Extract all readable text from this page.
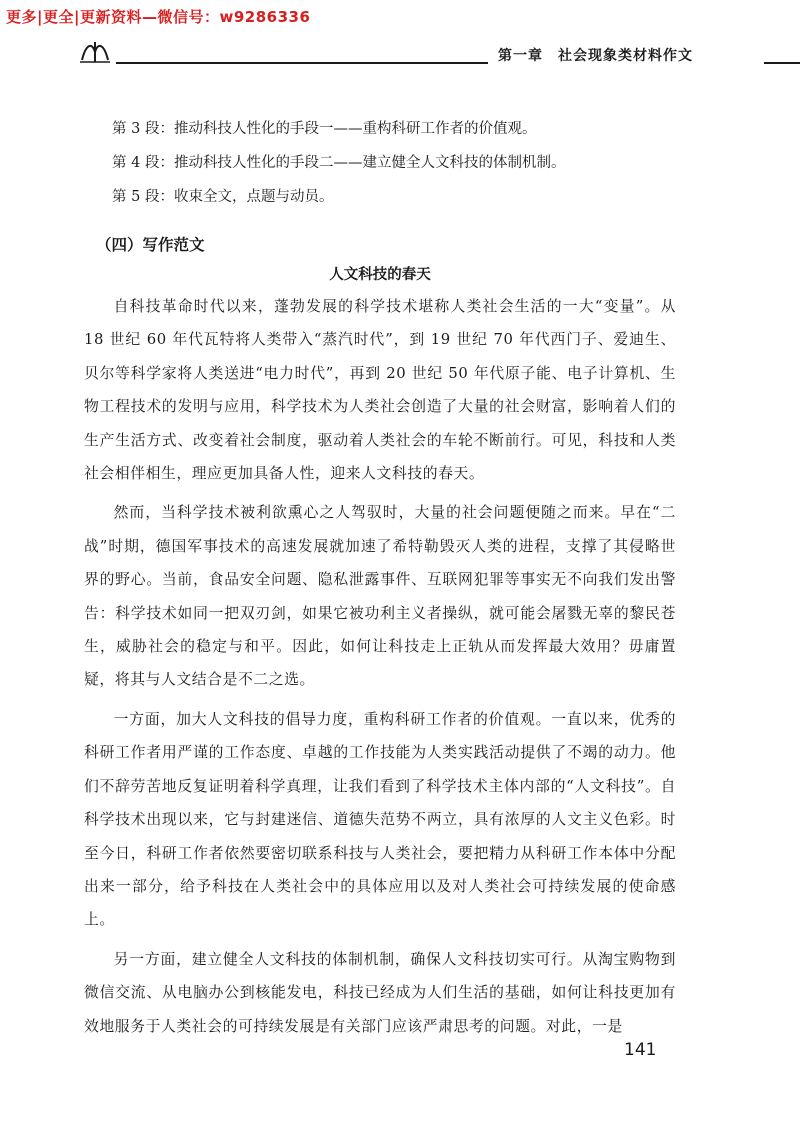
更多|更全|更新资料—微信号：w9286336
第一章　社会现象类材料作文

第 3 段：推动科技人性化的手段一——重构科研工作者的价值观。

第 4 段：推动科技人性化的手段二——建立健全人文科技的体制机制。

第 5 段：收束全文，点题与动员。

（四）写作范文
人文科技的春天

自科技革命时代以来，蓬勃发展的科学技术堪称人类社会生活的一大“变量”。从 18 世纪 60 年代瓦特将人类带入“蒸汽时代”，到 19 世纪 70 年代西门子、爱迪生、贝尔等科学家将人类送进“电力时代”，再到 20 世纪 50 年代原子能、电子计算机、生物工程技术的发明与应用，科学技术为人类社会创造了大量的社会财富，影响着人们的生产生活方式、改变着社会制度，驱动着人类社会的车轮不断前行。可见，科技和人类社会相伴相生，理应更加具备人性，迎来人文科技的春天。

然而，当科学技术被利欲熏心之人驾驭时，大量的社会问题便随之而来。早在“二战”时期，德国军事技术的高速发展就加速了希特勒毁灭人类的进程，支撑了其侵略世界的野心。当前，食品安全问题、隐私泄露事件、互联网犯罪等事实无不向我们发出警告：科学技术如同一把双刃剑，如果它被功利主义者操纵，就可能会屠戮无辜的黎民苍生，威胁社会的稳定与和平。因此，如何让科技走上正轨从而发挥最大效用？毋庸置疑，将其与人文结合是不二之选。

一方面，加大人文科技的倡导力度，重构科研工作者的价值观。一直以来，优秀的科研工作者用严谨的工作态度、卓越的工作技能为人类实践活动提供了不竭的动力。他们不辞劳苦地反复证明着科学真理，让我们看到了科学技术主体内部的“人文科技”。自科学技术出现以来，它与封建迷信、道德失范势不两立，具有浓厚的人文主义色彩。时至今日，科研工作者依然要密切联系科技与人类社会，要把精力从科研工作本体中分配出来一部分，给予科技在人类社会中的具体应用以及对人类社会可持续发展的使命感上。

另一方面，建立健全人文科技的体制机制，确保人文科技切实可行。从淘宝购物到微信交流、从电脑办公到核能发电，科技已经成为人们生活的基础，如何让科技更加有效地服务于人类社会的可持续发展是有关部门应该严肃思考的问题。对此，一是

141
